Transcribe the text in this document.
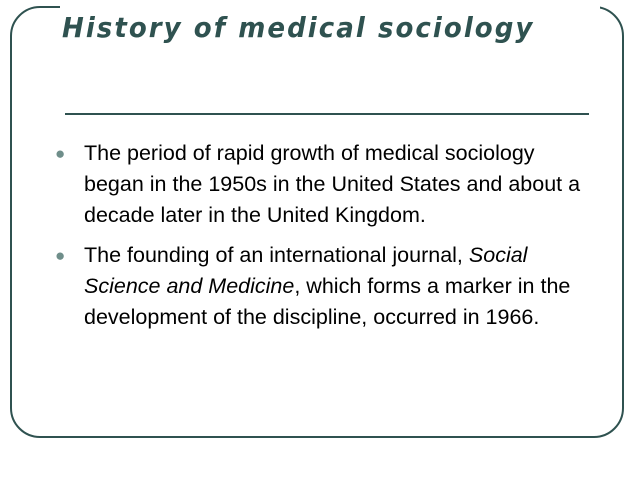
History of medical sociology
● The period of rapid growth of medical sociology began in the 1950s in the United States and about a decade later in the United Kingdom.
● The founding of an international journal, Social Science and Medicine, which forms a marker in the development of the discipline, occurred in 1966.
